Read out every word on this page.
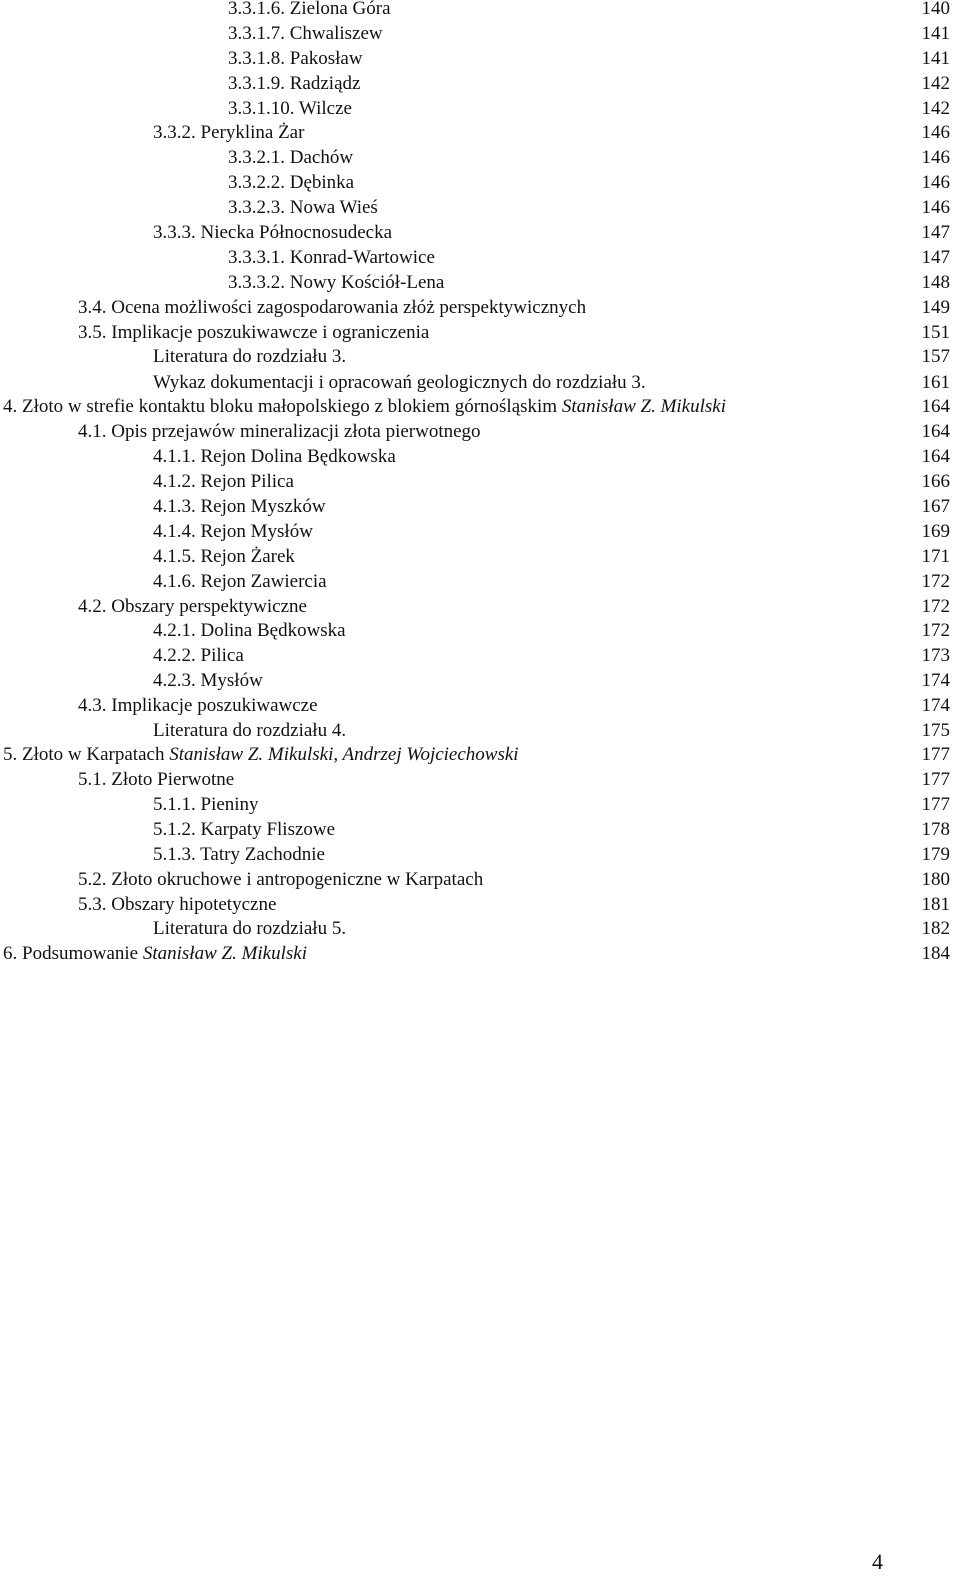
3.3.1.6. Zielona Góra	140
3.3.1.7. Chwaliszew	141
3.3.1.8. Pakosław	141
3.3.1.9. Radziądz	142
3.3.1.10. Wilcze	142
3.3.2. Peryklina Żar	146
3.3.2.1. Dachów	146
3.3.2.2. Dębinka	146
3.3.2.3. Nowa Wieś	146
3.3.3. Niecka Północnosudecka	147
3.3.3.1. Konrad-Wartowice	147
3.3.3.2. Nowy Kościół-Lena	148
3.4. Ocena możliwości zagospodarowania złóż perspektywicznych	149
3.5. Implikacje poszukiwawcze i ograniczenia	151
Literatura do rozdziału 3.	157
Wykaz dokumentacji i opracowań geologicznych do rozdziału 3.	161
4. Złoto w strefie kontaktu bloku małopolskiego z blokiem górnośląskim Stanisław Z. Mikulski	164
4.1. Opis przejawów mineralizacji złota pierwotnego	164
4.1.1. Rejon Dolina Będkowska	164
4.1.2. Rejon Pilica	166
4.1.3. Rejon Myszków	167
4.1.4. Rejon Mysłów	169
4.1.5. Rejon Żarek	171
4.1.6. Rejon Zawiercia	172
4.2. Obszary perspektywiczne	172
4.2.1. Dolina Będkowska	172
4.2.2. Pilica	173
4.2.3. Mysłów	174
4.3. Implikacje poszukiwawcze	174
Literatura do rozdziału 4.	175
5. Złoto w Karpatach Stanisław Z. Mikulski, Andrzej Wojciechowski	177
5.1. Złoto Pierwotne	177
5.1.1. Pieniny	177
5.1.2. Karpaty Fliszowe	178
5.1.3. Tatry Zachodnie	179
5.2. Złoto okruchowe i antropogeniczne w Karpatach	180
5.3. Obszary hipotetyczne	181
Literatura do rozdziału 5.	182
6. Podsumowanie Stanisław Z. Mikulski	184
4
